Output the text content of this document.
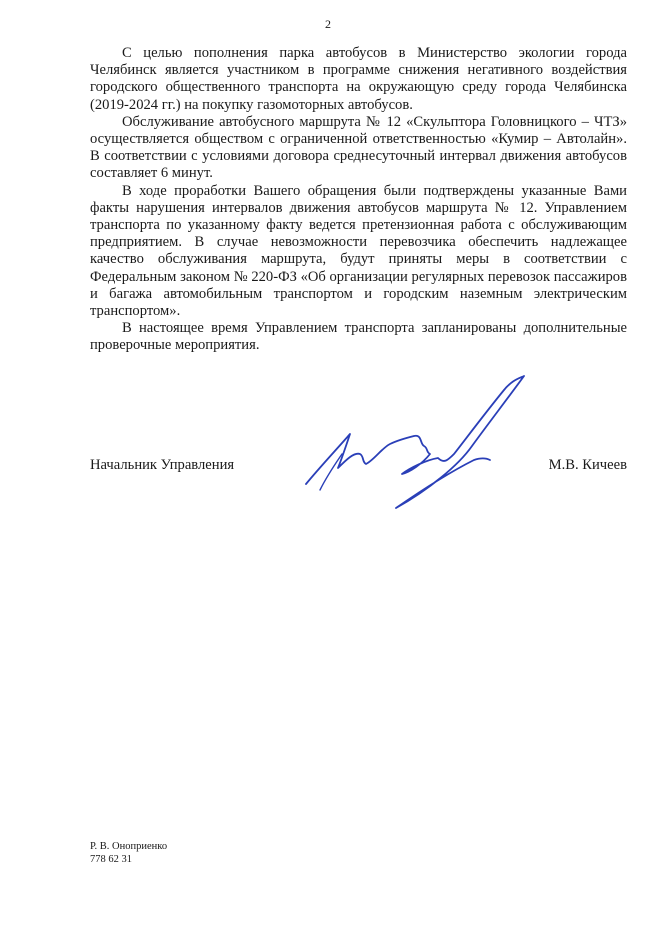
2

С целью пополнения парка автобусов в Министерство экологии города Челябинск является участником в программе снижения негативного воздействия городского общественного транспорта на окружающую среду города Челябинска (2019-2024 гг.) на покупку газомоторных автобусов.

Обслуживание автобусного маршрута № 12 «Скульптора Головницкого – ЧТЗ» осуществляется обществом с ограниченной ответственностью «Кумир – Автолайн». В соответствии с условиями договора среднесуточный интервал движения автобусов составляет 6 минут.

В ходе проработки Вашего обращения были подтверждены указанные Вами факты нарушения интервалов движения автобусов маршрута № 12. Управлением транспорта по указанному факту ведется претензионная работа с обслуживающим предприятием. В случае невозможности перевозчика обеспечить надлежащее качество обслуживания маршрута, будут приняты меры в соответствии с Федеральным законом № 220-ФЗ «Об организации регулярных перевозок пассажиров и багажа автомобильным транспортом и городским наземным электрическим транспортом».

В настоящее время Управлением транспорта запланированы дополнительные проверочные мероприятия.

Начальник Управления	М.В. Кичеев
Р. В. Оноприенко
778 62 31
